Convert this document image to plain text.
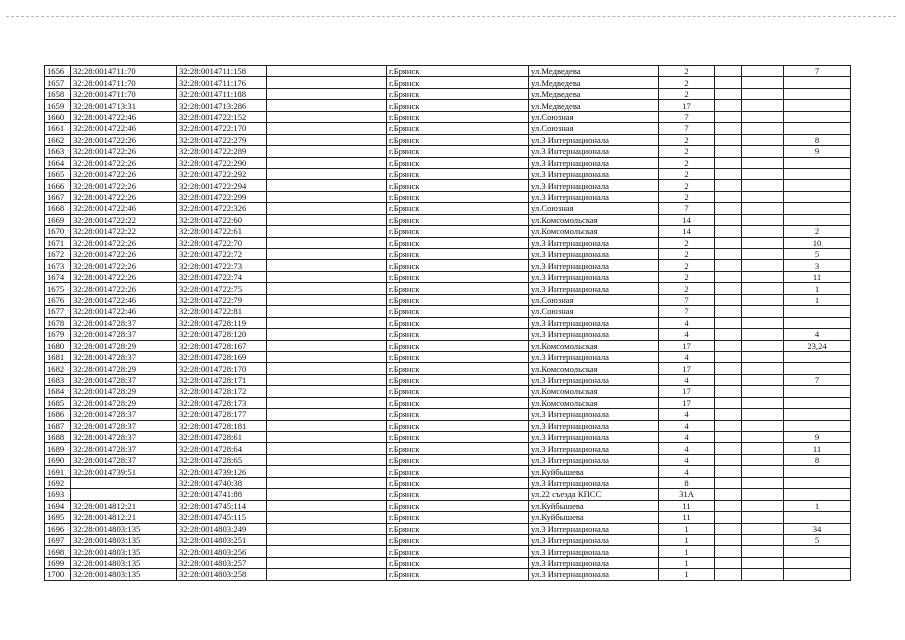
1656	32:28:0014711:70	32:28:0014711:158		г.Брянск	ул.Медведева	2			7
1657	32:28:0014711:70	32:28:0014711:176		г.Брянск	ул.Медведева	2			
1658	32:28:0014711:70	32:28:0014711:188		г.Брянск	ул.Медведева	2			
1659	32:28:0014713:31	32:28:0014713:286		г.Брянск	ул.Медведева	17			
1660	32:28:0014722:46	32:28:0014722:152		г.Брянск	ул.Союзная	7			
1661	32:28:0014722:46	32:28:0014722:170		г.Брянск	ул.Союзная	7			
1662	32:28:0014722:26	32:28:0014722:279		г.Брянск	ул.3 Интернационала	2			8
1663	32:28:0014722:26	32:28:0014722:289		г.Брянск	ул.3 Интернационала	2			9
1664	32:28:0014722:26	32:28:0014722:290		г.Брянск	ул.3 Интернационала	2			
1665	32:28:0014722:26	32:28:0014722:292		г.Брянск	ул.3 Интернационала	2			
1666	32:28:0014722:26	32:28:0014722:294		г.Брянск	ул.3 Интернационала	2			
1667	32:28:0014722:26	32:28:0014722:299		г.Брянск	ул.3 Интернационала	2			
1668	32:28:0014722:46	32:28:0014722:326		г.Брянск	ул.Союзная	7			
1669	32:28:0014722:22	32:28:0014722:60		г.Брянск	ул.Комсомольская	14			
1670	32:28:0014722:22	32:28:0014722:61		г.Брянск	ул.Комсомольская	14			2
1671	32:28:0014722:26	32:28:0014722:70		г.Брянск	ул.3 Интернационала	2			10
1672	32:28:0014722:26	32:28:0014722:72		г.Брянск	ул.3 Интернационала	2			5
1673	32:28:0014722:26	32:28:0014722:73		г.Брянск	ул.3 Интернационала	2			3
1674	32:28:0014722:26	32:28:0014722:74		г.Брянск	ул.3 Интернационала	2			11
1675	32:28:0014722:26	32:28:0014722:75		г.Брянск	ул.3 Интернационала	2			1
1676	32:28:0014722:46	32:28:0014722:79		г.Брянск	ул.Союзная	7			1
1677	32:28:0014722:46	32:28:0014722:81		г.Брянск	ул.Союзная	7			
1678	32:28:0014728:37	32:28:0014728:119		г.Брянск	ул.3 Интернационала	4			
1679	32:28:0014728:37	32:28:0014728:120		г.Брянск	ул.3 Интернационала	4			4
1680	32:28:0014728:29	32:28:0014728:167		г.Брянск	ул.Комсомольская	17			23,24
1681	32:28:0014728:37	32:28:0014728:169		г.Брянск	ул.3 Интернационала	4			
1682	32:28:0014728:29	32:28:0014728:170		г.Брянск	ул.Комсомольская	17			
1683	32:28:0014728:37	32:28:0014728:171		г.Брянск	ул.3 Интернационала	4			7
1684	32:28:0014728:29	32:28:0014728:172		г.Брянск	ул.Комсомольская	17			
1685	32:28:0014728:29	32:28:0014728:173		г.Брянск	ул.Комсомольская	17			
1686	32:28:0014728:37	32:28:0014728:177		г.Брянск	ул.3 Интернационала	4			
1687	32:28:0014728:37	32:28:0014728:181		г.Брянск	ул.3 Интернационала	4			
1688	32:28:0014728:37	32:28:0014728:61		г.Брянск	ул.3 Интернационала	4			9
1689	32:28:0014728:37	32:28:0014728:64		г.Брянск	ул.3 Интернационала	4			11
1690	32:28:0014728:37	32:28:0014728:65		г.Брянск	ул.3 Интернационала	4			8
1691	32:28:0014739:51	32:28:0014739:126		г.Брянск	ул.Куйбышева	4			
1692		32:28:0014740:38		г.Брянск	ул.3 Интернационала	8			
1693		32:28:0014741:88		г.Брянск	ул.22 съезда КПСС	31А			
1694	32:28:0014812:21	32:28:0014745:114		г.Брянск	ул.Куйбышева	11			1
1695	32:28:0014812:21	32:28:0014745:115		г.Брянск	ул.Куйбышева	11			
1696	32:28:0014803:135	32:28:0014803:249		г.Брянск	ул.3 Интернационала	1			34
1697	32:28:0014803:135	32:28:0014803:251		г.Брянск	ул.3 Интернационала	1			5
1698	32:28:0014803:135	32:28:0014803:256		г.Брянск	ул.3 Интернационала	1			
1699	32:28:0014803:135	32:28:0014803:257		г.Брянск	ул.3 Интернационала	1			
1700	32:28:0014803:135	32:28:0014803:258		г.Брянск	ул.3 Интернационала	1			
